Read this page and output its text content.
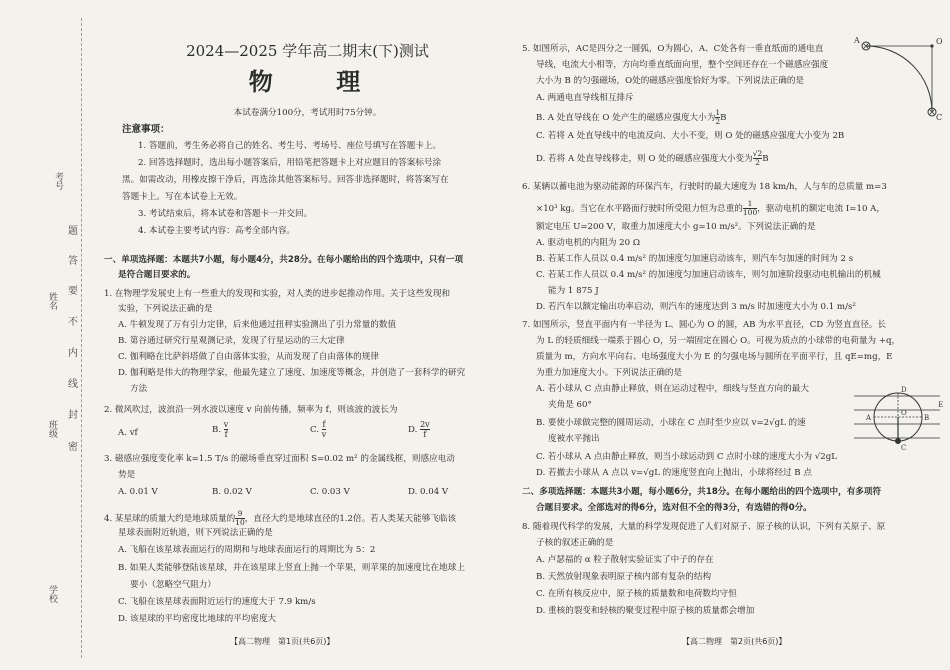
考号
姓名
班级
学校
密
封
线
内
不
要
答
题
2024—2025 学年高二期末(下)测试
物    理
本试卷满分100分，考试用时75分钟。
注意事项：
1. 答题前，考生务必将自己的姓名、考生号、考场号、座位号填写在答题卡上。
2. 回答选择题时，选出每小题答案后，用铅笔把答题卡上对应题目的答案标号涂
黑。如需改动，用橡皮擦干净后，再选涂其他答案标号。回答非选择题时，将答案写在
答题卡上。写在本试卷上无效。
3. 考试结束后，将本试卷和答题卡一并交回。
4. 本试卷主要考试内容：高考全部内容。
一、单项选择题：本题共7小题，每小题4分，共28分。在每小题给出的四个选项中，只有一项
是符合题目要求的。
1. 在物理学发展史上有一些重大的发现和实验，对人类的进步起推动作用。关于这些发现和
实验，下列说法正确的是
A. 牛顿发现了万有引力定律，后来他通过扭秤实验测出了引力常量的数值
B. 第谷通过研究行星观测记录，发现了行星运动的三大定律
C. 伽利略在比萨斜塔做了自由落体实验，从而发现了自由落体的规律
D. 伽利略是伟大的物理学家，他最先建立了速度、加速度等概念，并创造了一套科学的研究
方法
2. 微风吹过，波浪沿一列水波以速度 v 向前传播，频率为 f，则该波的波长为
A. vf	B. $\frac{v}{f}$	C. $\frac{f}{v}$	D. $\frac{2v}{f}$
3. 磁感应强度变化率 k=1.5 T/s 的磁场垂直穿过面积 S=0.02 m² 的金属线框，则感应电动
势是
A. 0.01 V	B. 0.02 V	C. 0.03 V	D. 0.04 V
4. 某星球的质量大约是地球质量的 $\frac{9}{10}$ ，直径大约是地球直径的1.2倍。若人类某天能够飞临该
星球表面附近轨道，则下列说法正确的是
A. 飞船在该星球表面运行的周期和与地球表面运行的周期比为 5：2
B. 如果人类能够登陆该星球，并在该星球上竖直上抛一个苹果，则苹果的加速度比在地球上
要小（忽略空气阻力）
C. 飞船在该星球表面附近运行的速度大于 7.9 km/s
D. 该星球的平均密度比地球的平均密度大
【高二物理　第1页(共6页)】
5. 如图所示，AC是四分之一圆弧，O为圆心，A、C处各有一垂直纸面的通电直
导线，电流大小相等，方向均垂直纸面向里，整个空间还存在一个磁感应强度
大小为 B 的匀强磁场，O处的磁感应强度恰好为零。下列说法正确的是
A. 两通电直导线相互排斥
B. A 处直导线在 O 处产生的磁感应强度大小为 $\frac{1}{2}$ B
C. 若将 A 处直导线中的电流反向、大小不变，则 O 处的磁感应强度大小变为 2B
D. 若将 A 处直导线移走，则 O 处的磁感应强度大小变为 $\frac{√2}{2}$ B
A	O
C
6. 某辆以蓄电池为驱动能源的环保汽车，行驶时的最大速度为 18 km/h，人与车的总质量 m=3
×10³ kg。当它在水平路面行驶时所受阻力恒为总重的 $\frac{1}{100}$ ，驱动电机的额定电流 I=10 A，
额定电压 U=200 V，取重力加速度大小 g=10 m/s²。下列说法正确的是
A. 驱动电机的内阻为 20 Ω
B. 若某工作人员以 0.4 m/s² 的加速度匀加速启动该车，则汽车匀加速的时间为 2 s
C. 若某工作人员以 0.4 m/s² 的加速度匀加速启动该车，则匀加速阶段驱动电机输出的机械
能为 1 875 J
D. 若汽车以额定输出功率启动，则汽车的速度达到 3 m/s 时加速度大小为 0.1 m/s²
7. 如图所示，竖直平面内有一半径为 L、圆心为 O 的圆，AB 为水平直径，CD 为竖直直径。长
为 L 的轻质细线一端系于圆心 O，另一端固定在圆心 O。可视为质点的小球带的电荷量为 +q，
质量为 m，方向水平向右、电场强度大小为 E 的匀强电场与圆所在平面平行，且 qE=mg，E
为重力加速度大小。下列说法正确的是
A. 若小球从 C 点由静止释放，则在运动过程中，细线与竖直方向的最大
夹角是 60°
B. 要使小球做完整的圆周运动，小球在 C 点时至少应以 v=2√gL 的速
度被水平抛出
C. 若小球从 A 点由静止释放，则当小球运动到 C 点时小球的速度大小为 √2gL
D. 若撤去小球从 A 点以 v=√gL 的速度竖直向上抛出，小球将经过 B 点
C
D
A	B
O
E
二、多项选择题：本题共3小题，每小题6分，共18分。在每小题给出的四个选项中，有多项符
合题目要求。全部选对的得6分，选对但不全的得3分，有选错的得0分。
8. 随着现代科学的发展，大量的科学发现促进了人们对原子、原子核的认识，下列有关原子、原
子核的叙述正确的是
A. 卢瑟福的 α 粒子散射实验证实了中子的存在
B. 天然放射现象表明原子核内部有复杂的结构
C. 在所有核反应中，原子核的质量数和电荷数均守恒
D. 重核的裂变和轻核的聚变过程中原子核的质量都会增加
【高二物理　第2页(共6页)】
